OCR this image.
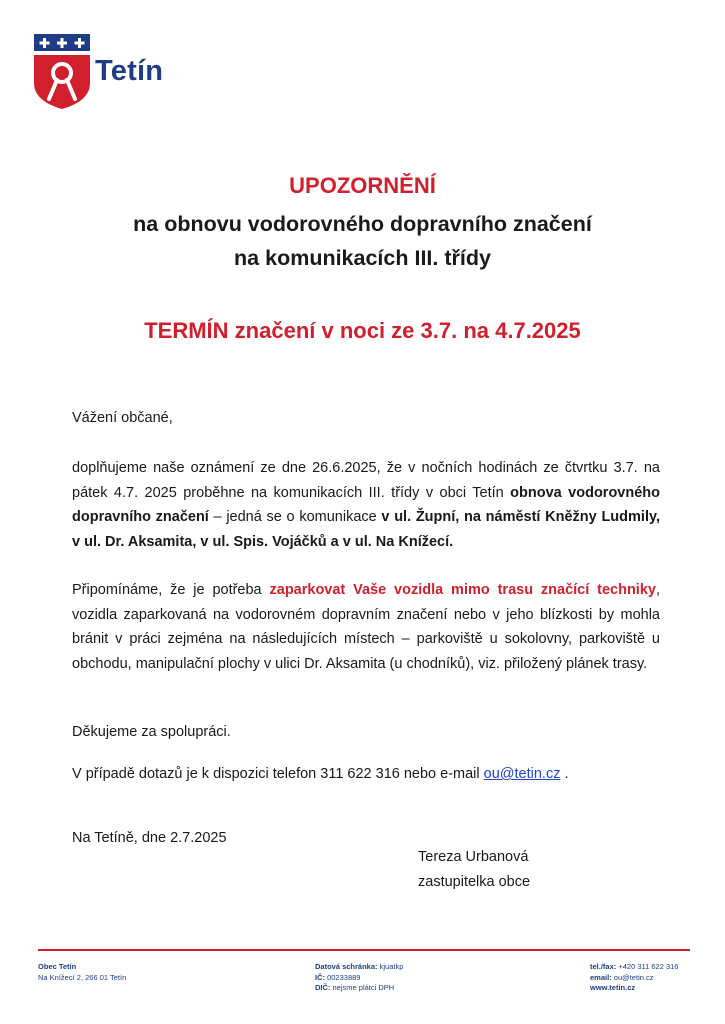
Tetín
UPOZORNĚNÍ
na obnovu vodorovného dopravního značení
na komunikacích III. třídy
TERMÍN značení v noci ze 3.7. na 4.7.2025
Vážení občané,
doplňujeme naše oznámení ze dne 26.6.2025, že v nočních hodinách ze čtvrtku 3.7. na pátek 4.7. 2025 proběhne na komunikacích III. třídy v obci Tetín obnova vodorovného dopravního značení – jedná se o komunikace v ul. Župní, na náměstí Kněžny Ludmily, v ul. Dr. Aksamita, v ul. Spis. Vojáčků a v ul. Na Knížecí.
Připomínáme, že je potřeba zaparkovat Vaše vozidla mimo trasu značící techniky, vozidla zaparkovaná na vodorovném dopravním značení nebo v jeho blízkosti by mohla bránit v práci zejména na následujících místech – parkoviště u sokolovny, parkoviště u obchodu, manipulační plochy v ulici Dr. Aksamita (u chodníků), viz. přiložený plánek trasy.
Děkujeme za spolupráci.
V případě dotazů je k dispozici telefon 311 622 316 nebo e-mail ou@tetin.cz .
Na Tetíně, dne 2.7.2025
Tereza Urbanová
zastupitelka obce
Obec Tetín
Na Knížecí 2, 266 01 Tetín
Datová schránka: kjuatkp
IČ: 00233889
DIČ: nejsme plátci DPH
tel./fax: +420 311 622 316
email: ou@tetin.cz
www.tetin.cz
